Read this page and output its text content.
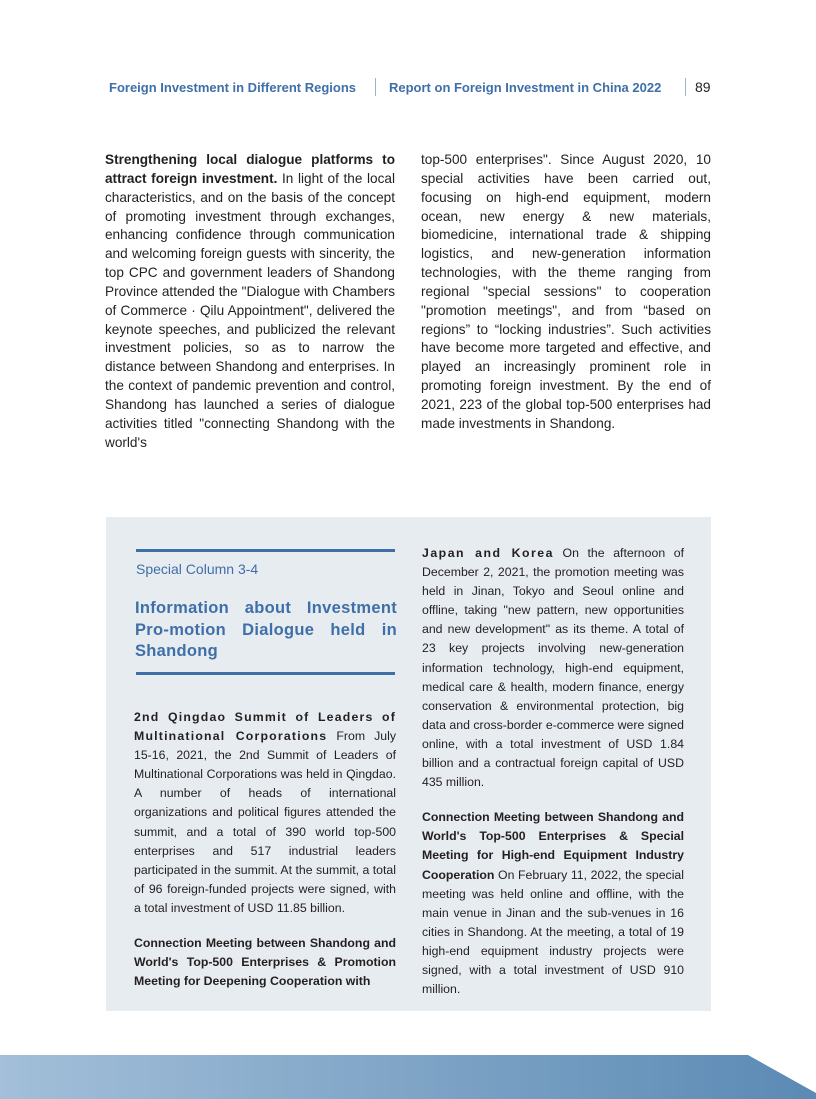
Foreign Investment in Different Regions	Report on Foreign Investment in China 2022 89

Strengthening local dialogue platforms to attract foreign investment. In light of the local characteristics, and on the basis of the concept of promoting investment through exchanges, enhancing confidence through communication and welcoming foreign guests with sincerity, the top CPC and government leaders of Shandong Province attended the "Dialogue with Chambers of Commerce · Qilu Appointment", delivered the keynote speeches, and publicized the relevant investment policies, so as to narrow the distance between Shandong and enterprises. In the context of pandemic prevention and control, Shandong has launched a series of dialogue activities titled "connecting Shandong with the world's

top-500 enterprises". Since August 2020, 10 special activities have been carried out, focusing on high-end equipment, modern ocean, new energy & new materials, biomedicine, international trade & shipping logistics, and new-generation information technologies, with the theme ranging from regional "special sessions" to cooperation "promotion meetings", and from “based on regions” to “locking industries”. Such activities have become more targeted and effective, and played an increasingly prominent role in promoting foreign investment. By the end of 2021, 223 of the global top-500 enterprises had made investments in Shandong.

Special Column 3-4
Information about Investment Pro-motion Dialogue held in Shandong

2nd Qingdao Summit of Leaders of Multinational Corporations From July 15-16, 2021, the 2nd Summit of Leaders of Multinational Corporations was held in Qingdao. A number of heads of international organizations and political figures attended the summit, and a total of 390 world top-500 enterprises and 517 industrial leaders participated in the summit. At the summit, a total of 96 foreign-funded projects were signed, with a total investment of USD 11.85 billion.

Connection Meeting between Shandong and World's Top-500 Enterprises & Promotion Meeting for Deepening Cooperation with

Japan and Korea On the afternoon of December 2, 2021, the promotion meeting was held in Jinan, Tokyo and Seoul online and offline, taking "new pattern, new opportunities and new development" as its theme. A total of 23 key projects involving new-generation information technology, high-end equipment, medical care & health, modern finance, energy conservation & environmental protection, big data and cross-border e-commerce were signed online, with a total investment of USD 1.84 billion and a contractual foreign capital of USD 435 million.

Connection Meeting between Shandong and World's Top-500 Enterprises & Special Meeting for High-end Equipment Industry Cooperation On February 11, 2022, the special meeting was held online and offline, with the main venue in Jinan and the sub-venues in 16 cities in Shandong. At the meeting, a total of 19 high-end equipment industry projects were signed, with a total investment of USD 910 million.
